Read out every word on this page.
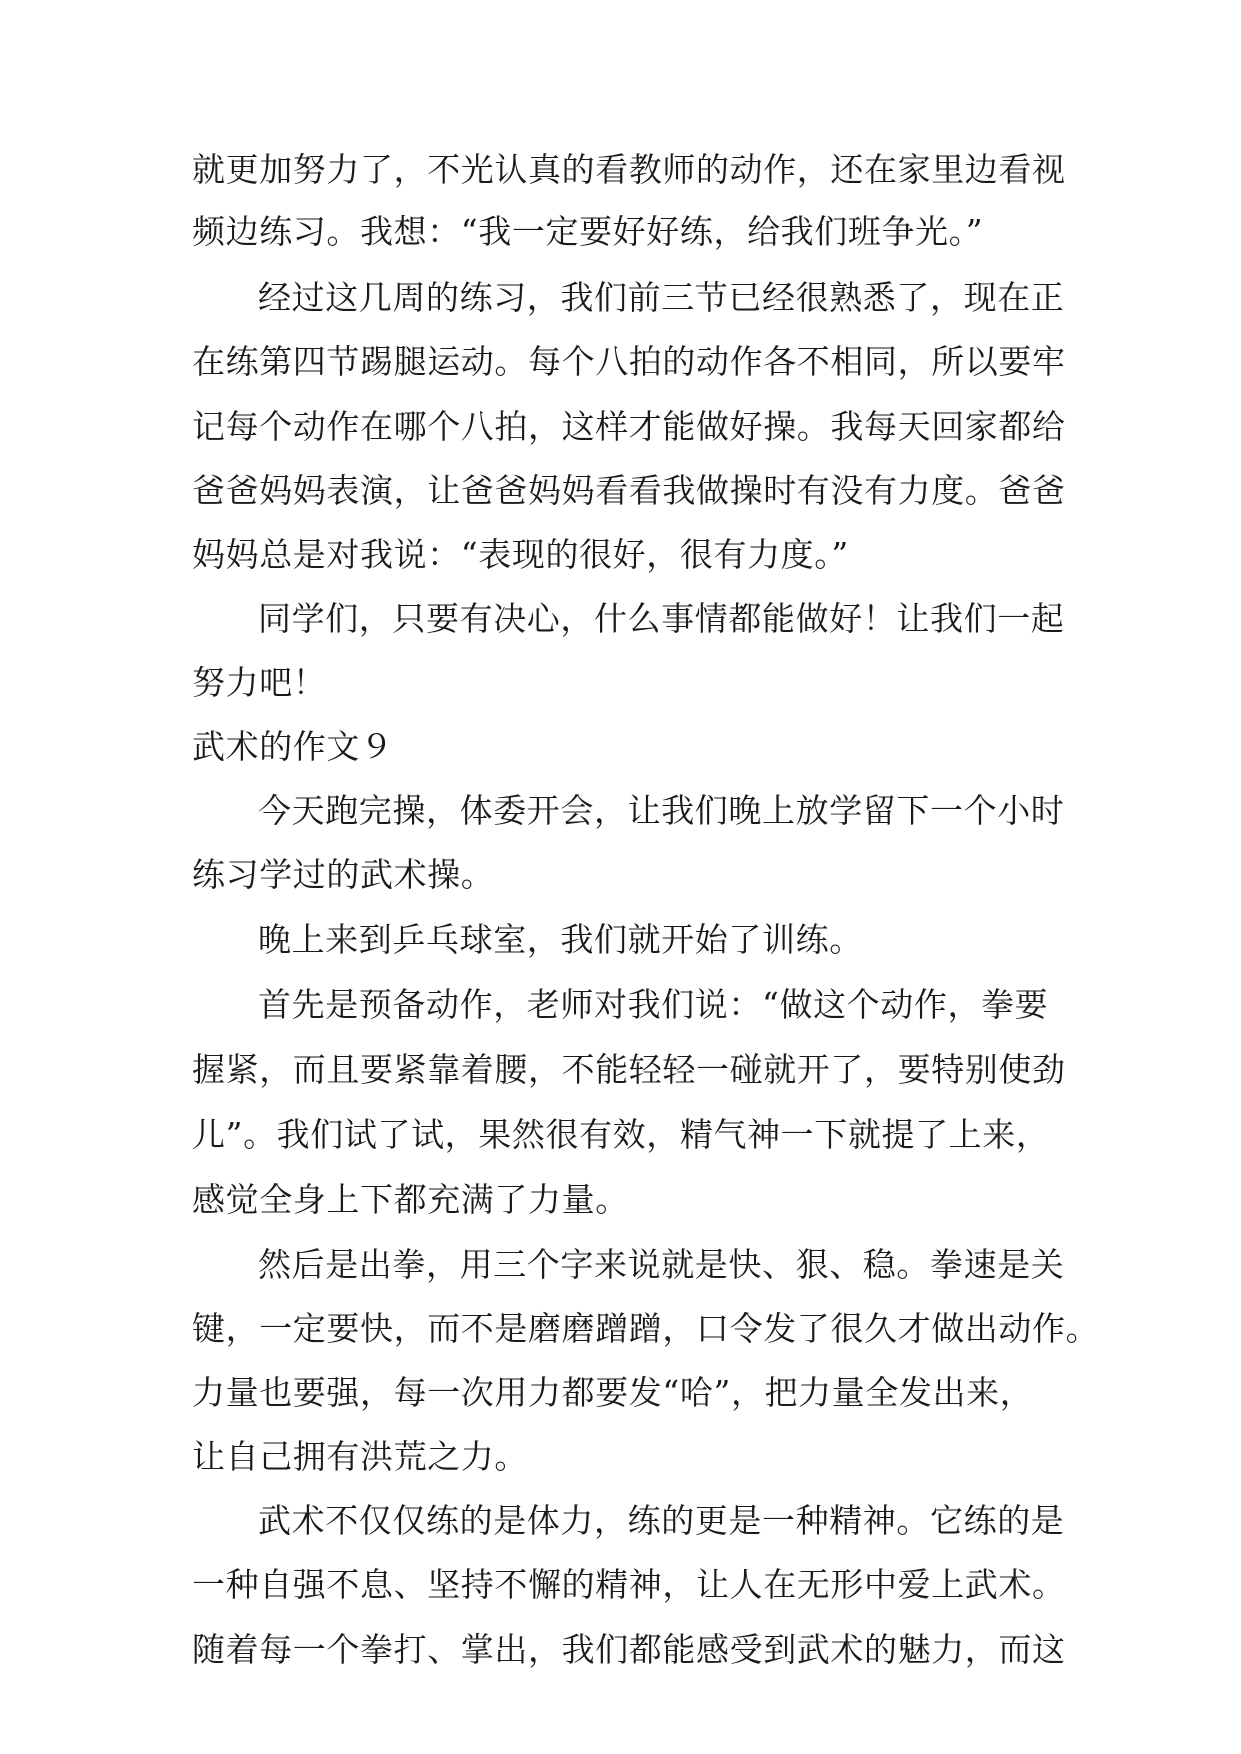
就更加努力了，不光认真的看教师的动作，还在家里边看视
频边练习。我想：“我一定要好好练，给我们班争光。”
经过这几周的练习，我们前三节已经很熟悉了，现在正
在练第四节踢腿运动。每个八拍的动作各不相同，所以要牢
记每个动作在哪个八拍，这样才能做好操。我每天回家都给
爸爸妈妈表演，让爸爸妈妈看看我做操时有没有力度。爸爸
妈妈总是对我说：“表现的很好，很有力度。”
同学们，只要有决心，什么事情都能做好！让我们一起
努力吧！
武术的作文９
今天跑完操，体委开会，让我们晚上放学留下一个小时
练习学过的武术操。
晚上来到乒乓球室，我们就开始了训练。
首先是预备动作，老师对我们说：“做这个动作，拳要
握紧，而且要紧靠着腰，不能轻轻一碰就开了，要特别使劲
儿”。我们试了试，果然很有效，精气神一下就提了上来，
感觉全身上下都充满了力量。
然后是出拳，用三个字来说就是快、狠、稳。拳速是关
键，一定要快，而不是磨磨蹭蹭，口令发了很久才做出动作。
力量也要强，每一次用力都要发“哈”，把力量全发出来，
让自己拥有洪荒之力。
武术不仅仅练的是体力，练的更是一种精神。它练的是
一种自强不息、坚持不懈的精神，让人在无形中爱上武术。
随着每一个拳打、掌出，我们都能感受到武术的魅力，而这
